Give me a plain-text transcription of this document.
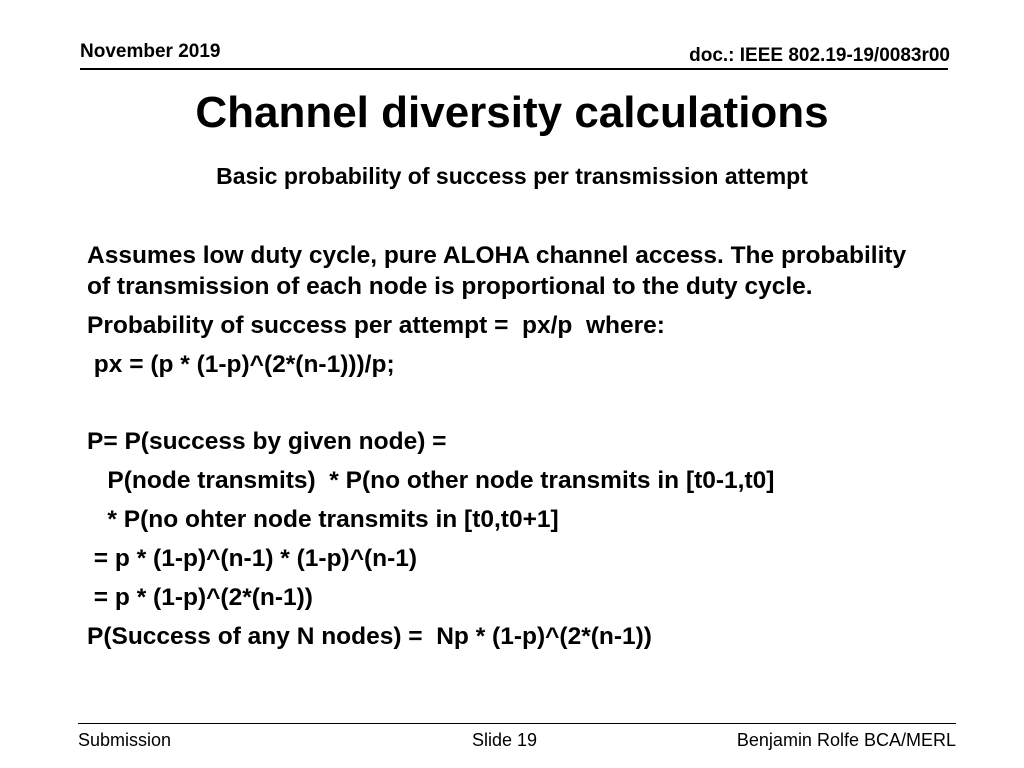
November 2019	doc.: IEEE 802.19-19/0083r00
Channel diversity calculations
Basic probability of success per transmission attempt

Assumes low duty cycle, pure ALOHA channel access. The probability of transmission of each node is proportional to the duty cycle.

Probability of success per attempt =  px/p  where:

px = (p * (1-p)^(2*(n-1)))/p;

P= P(success by given node) =

P(node transmits)  * P(no other node transmits in [t0-1,t0]

* P(no ohter node transmits in [t0,t0+1]

= p * (1-p)^(n-1) * (1-p)^(n-1)

= p * (1-p)^(2*(n-1))

P(Success of any N nodes) =  Np * (1-p)^(2*(n-1))

Submission	Slide 19	Benjamin Rolfe BCA/MERL
